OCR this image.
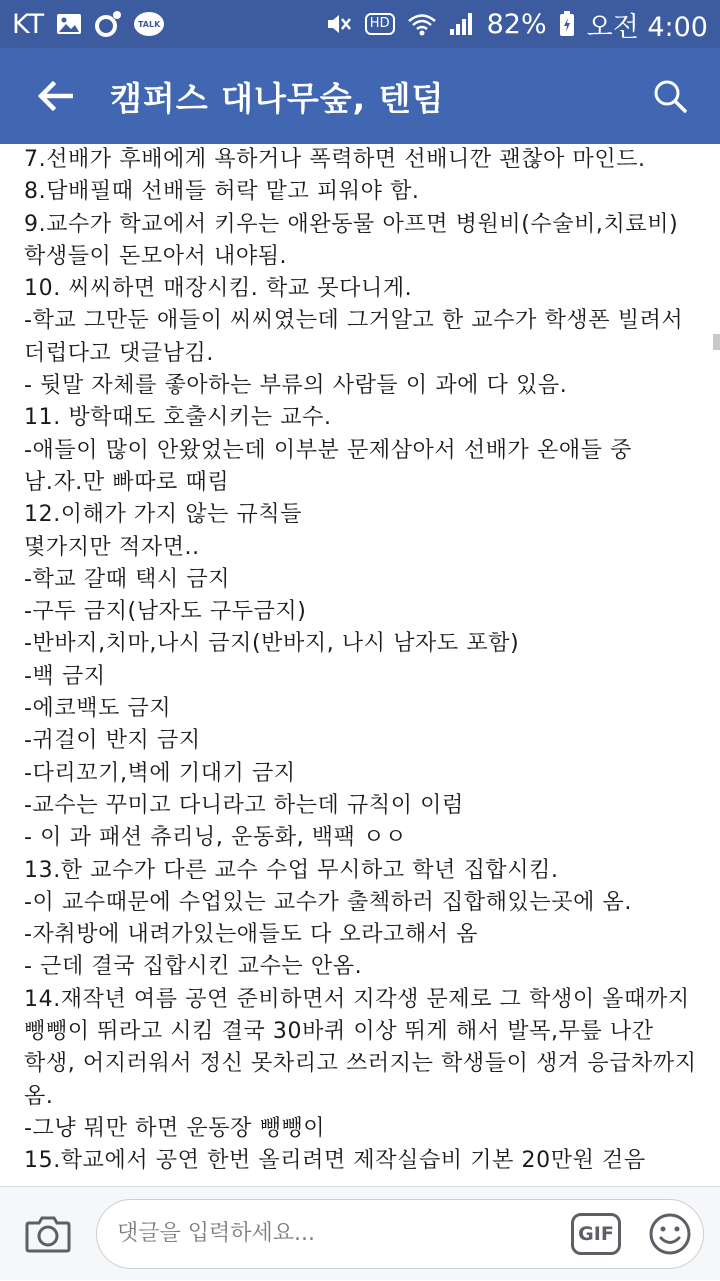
KT	TALK	HD	82% 오전 4:00
캠퍼스 대나무숲, 텐덤
7.선배가 후배에게 욕하거나 폭력하면 선배니깐 괜찮아 마인드.
8.담배필때 선배들 허락 맡고 피워야 함.
9.교수가 학교에서 키우는 애완동물 아프면 병원비(수술비,치료비)
학생들이 돈모아서 내야됨.
10. 씨씨하면 매장시킴. 학교 못다니게.
-학교 그만둔 애들이 씨씨였는데 그거알고 한 교수가 학생폰 빌려서
더럽다고 댓글남김.
- 뒷말 자체를 좋아하는 부류의 사람들 이 과에 다 있음.
11. 방학때도 호출시키는 교수.
-애들이 많이 안왔었는데 이부분 문제삼아서 선배가 온애들 중
남.자.만 빠따로 때림
12.이해가 가지 않는 규칙들
몇가지만 적자면..
-학교 갈때 택시 금지
-구두 금지(남자도 구두금지)
-반바지,치마,나시 금지(반바지, 나시 남자도 포함)
-백 금지
-에코백도 금지
-귀걸이 반지 금지
-다리꼬기,벽에 기대기 금지
-교수는 꾸미고 다니라고 하는데 규칙이 이럼
- 이 과 패션 츄리닝, 운동화, 백팩 ㅇㅇ
13.한 교수가 다른 교수 수업 무시하고 학년 집합시킴.
-이 교수때문에 수업있는 교수가 출첵하러 집합해있는곳에 옴.
-자취방에 내려가있는애들도 다 오라고해서 옴
- 근데 결국 집합시킨 교수는 안옴.
14.재작년 여름 공연 준비하면서 지각생 문제로 그 학생이 올때까지
뺑뺑이 뛰라고 시킴 결국 30바퀴 이상 뛰게 해서 발목,무릎 나간
학생, 어지러워서 정신 못차리고 쓰러지는 학생들이 생겨 응급차까지
옴.
-그냥 뭐만 하면 운동장 뺑뺑이
15.학교에서 공연 한번 올리려면 제작실습비 기본 20만원 걷음
댓글을 입력하세요...
GIF
